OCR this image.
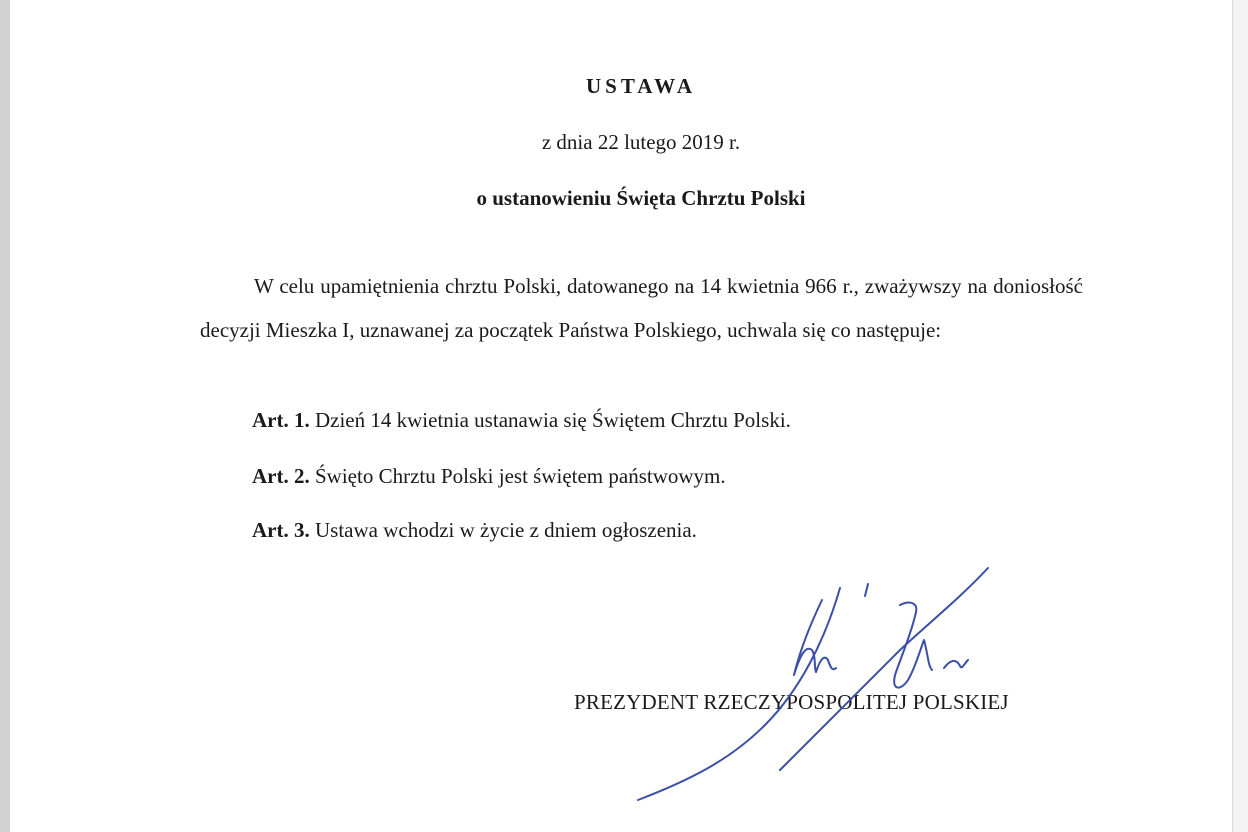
USTAWA
z dnia 22 lutego 2019 r.
o ustanowieniu Święta Chrztu Polski

W celu upamiętnienia chrztu Polski, datowanego na 14 kwietnia 966 r., zważywszy na doniosłość decyzji Mieszka I, uznawanej za początek Państwa Polskiego, uchwala się co następuje:

Art. 1. Dzień 14 kwietnia ustanawia się Świętem Chrztu Polski.
Art. 2. Święto Chrztu Polski jest świętem państwowym.
Art. 3. Ustawa wchodzi w życie z dniem ogłoszenia.
PREZYDENT RZECZYPOSPOLITEJ POLSKIEJ
